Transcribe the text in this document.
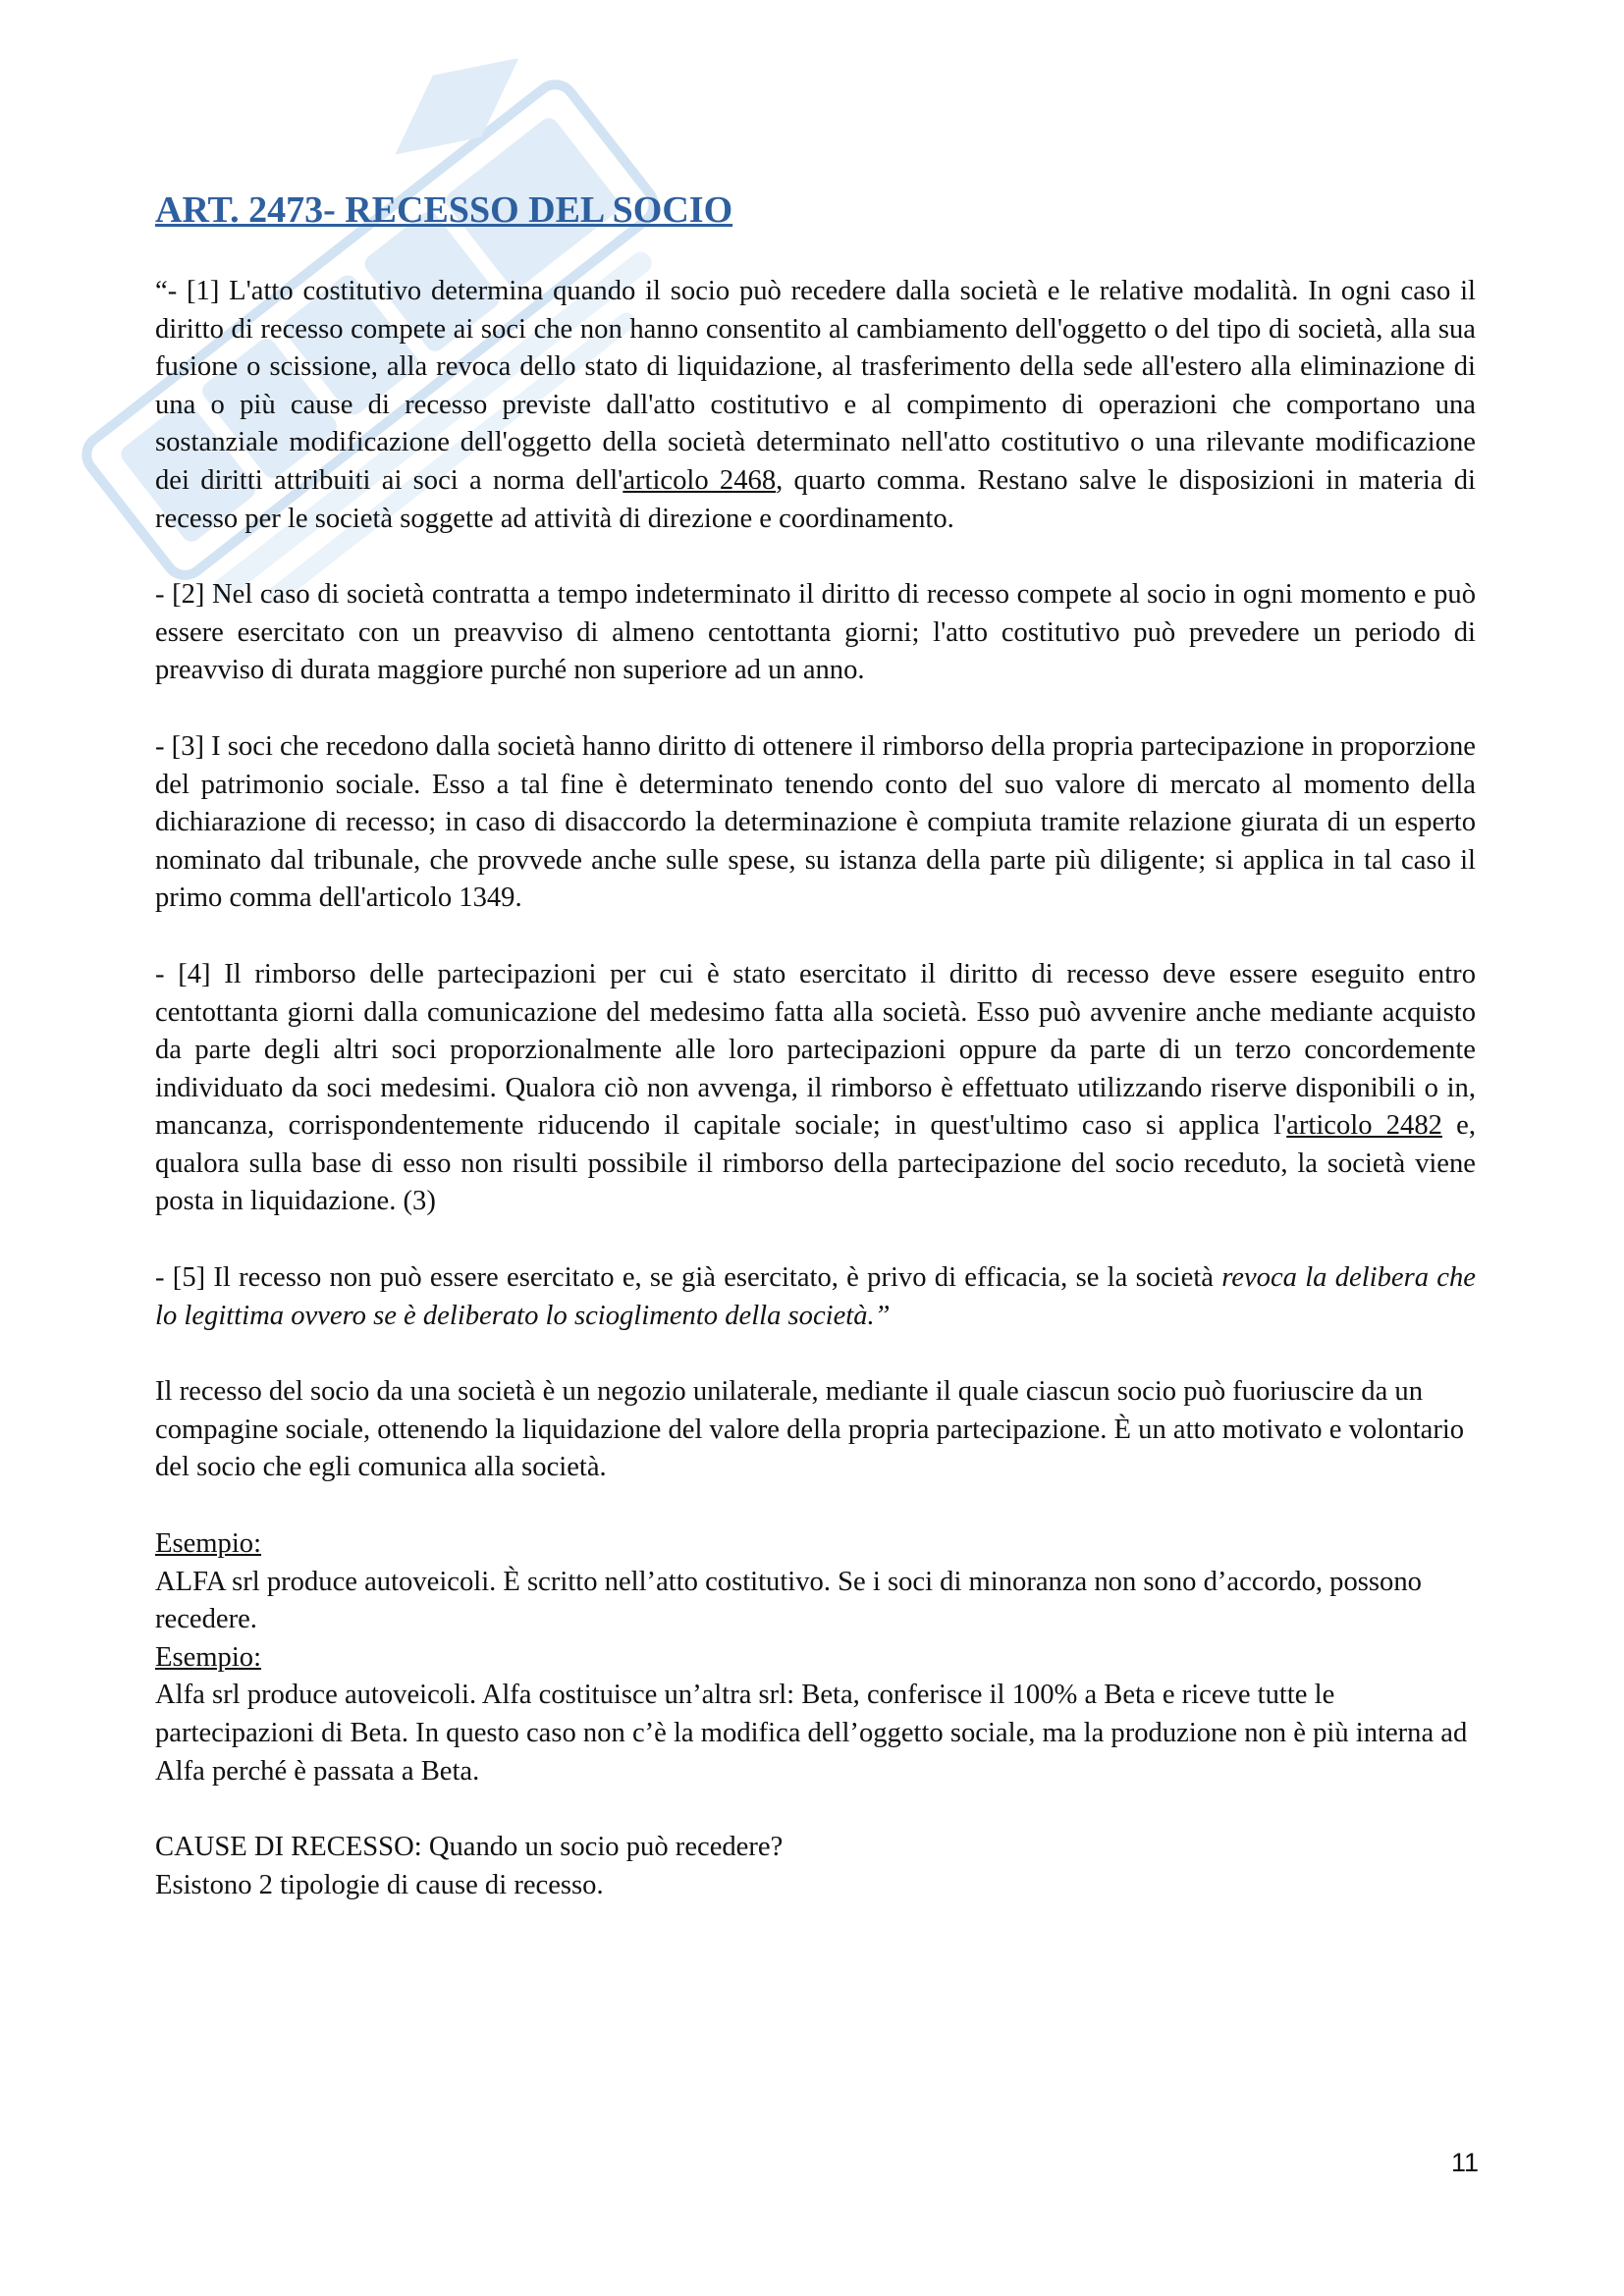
ART. 2473- RECESSO DEL SOCIO

“- [1] L'atto costitutivo determina quando il socio può recedere dalla società e le relative modalità. In ogni caso il diritto di recesso compete ai soci che non hanno consentito al cambiamento dell'oggetto o del tipo di società, alla sua fusione o scissione, alla revoca dello stato di liquidazione, al trasferimento della sede all'estero alla eliminazione di una o più cause di recesso previste dall'atto costitutivo e al compimento di operazioni che comportano una sostanziale modificazione dell'oggetto della società determinato nell'atto costitutivo o una rilevante modificazione dei diritti attribuiti ai soci a norma dell'articolo 2468, quarto comma. Restano salve le disposizioni in materia di recesso per le società soggette ad attività di direzione e coordinamento.

- [2] Nel caso di società contratta a tempo indeterminato il diritto di recesso compete al socio in ogni momento e può essere esercitato con un preavviso di almeno centottanta giorni; l'atto costitutivo può prevedere un periodo di preavviso di durata maggiore purché non superiore ad un anno.

- [3] I soci che recedono dalla società hanno diritto di ottenere il rimborso della propria partecipazione in proporzione del patrimonio sociale. Esso a tal fine è determinato tenendo conto del suo valore di mercato al momento della dichiarazione di recesso; in caso di disaccordo la determinazione è compiuta tramite relazione giurata di un esperto nominato dal tribunale, che provvede anche sulle spese, su istanza della parte più diligente; si applica in tal caso il primo comma dell'articolo 1349.

- [4] Il rimborso delle partecipazioni per cui è stato esercitato il diritto di recesso deve essere eseguito entro centottanta giorni dalla comunicazione del medesimo fatta alla società. Esso può avvenire anche mediante acquisto da parte degli altri soci proporzionalmente alle loro partecipazioni oppure da parte di un terzo concordemente individuato da soci medesimi. Qualora ciò non avvenga, il rimborso è effettuato utilizzando riserve disponibili o in, mancanza, corrispondentemente riducendo il capitale sociale; in quest'ultimo caso si applica l'articolo 2482 e, qualora sulla base di esso non risulti possibile il rimborso della partecipazione del socio receduto, la società viene posta in liquidazione. (3)

- [5] Il recesso non può essere esercitato e, se già esercitato, è privo di efficacia, se la società revoca la delibera che lo legittima ovvero se è deliberato lo scioglimento della società.”

Il recesso del socio da una società è un negozio unilaterale, mediante il quale ciascun socio può fuoriuscire da un compagine sociale, ottenendo la liquidazione del valore della propria partecipazione. È un atto motivato e volontario del socio che egli comunica alla società.

Esempio:

ALFA srl produce autoveicoli. È scritto nell’atto costitutivo. Se i soci di minoranza non sono d’accordo, possono recedere.

Esempio:

Alfa srl produce autoveicoli. Alfa costituisce un’altra srl: Beta, conferisce il 100% a Beta e riceve tutte le partecipazioni di Beta. In questo caso non c’è la modifica dell’oggetto sociale, ma la produzione non è più interna ad Alfa perché è passata a Beta.

CAUSE DI RECESSO: Quando un socio può recedere?

Esistono 2 tipologie di cause di recesso.

11
